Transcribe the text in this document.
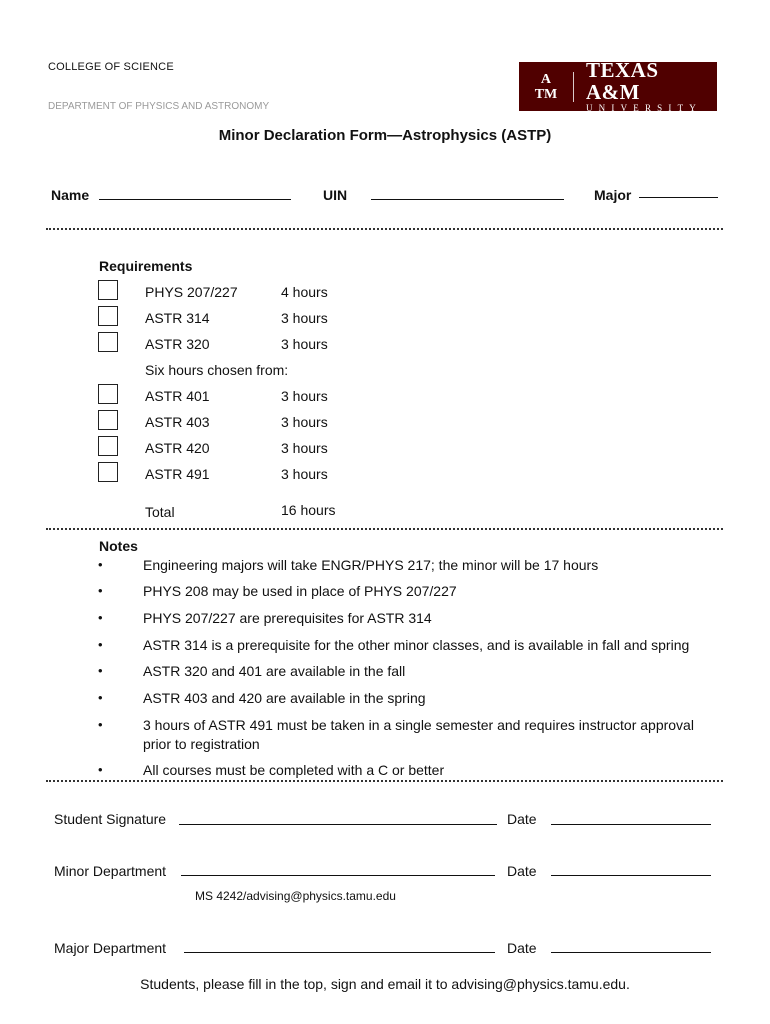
COLLEGE OF SCIENCE
DEPARTMENT OF PHYSICS AND ASTRONOMY
A
TM
TEXAS A&M
UNIVERSITY
Minor Declaration Form—Astrophysics (ASTP)
Name	UIN	Major
Requirements
PHYS 207/227	4 hours
ASTR 314	3 hours
ASTR 320	3 hours
Six hours chosen from:
ASTR 401	3 hours
ASTR 403	3 hours
ASTR 420	3 hours
ASTR 491	3 hours
Total	16 hours
Notes
•	Engineering majors will take ENGR/PHYS 217; the minor will be 17 hours
•	PHYS 208 may be used in place of PHYS 207/227
•	PHYS 207/227 are prerequisites for ASTR 314
•	ASTR 314 is a prerequisite for the other minor classes, and is available in fall and spring
•	ASTR 320 and 401 are available in the fall
•	ASTR 403 and 420 are available in the spring
•	3 hours of ASTR 491 must be taken in a single semester and requires instructor approval prior to registration
•	All courses must be completed with a C or better
Student Signature	Date
Minor Department	Date
MS 4242/advising@physics.tamu.edu
Major Department	Date
Students, please fill in the top, sign and email it to advising@physics.tamu.edu.
